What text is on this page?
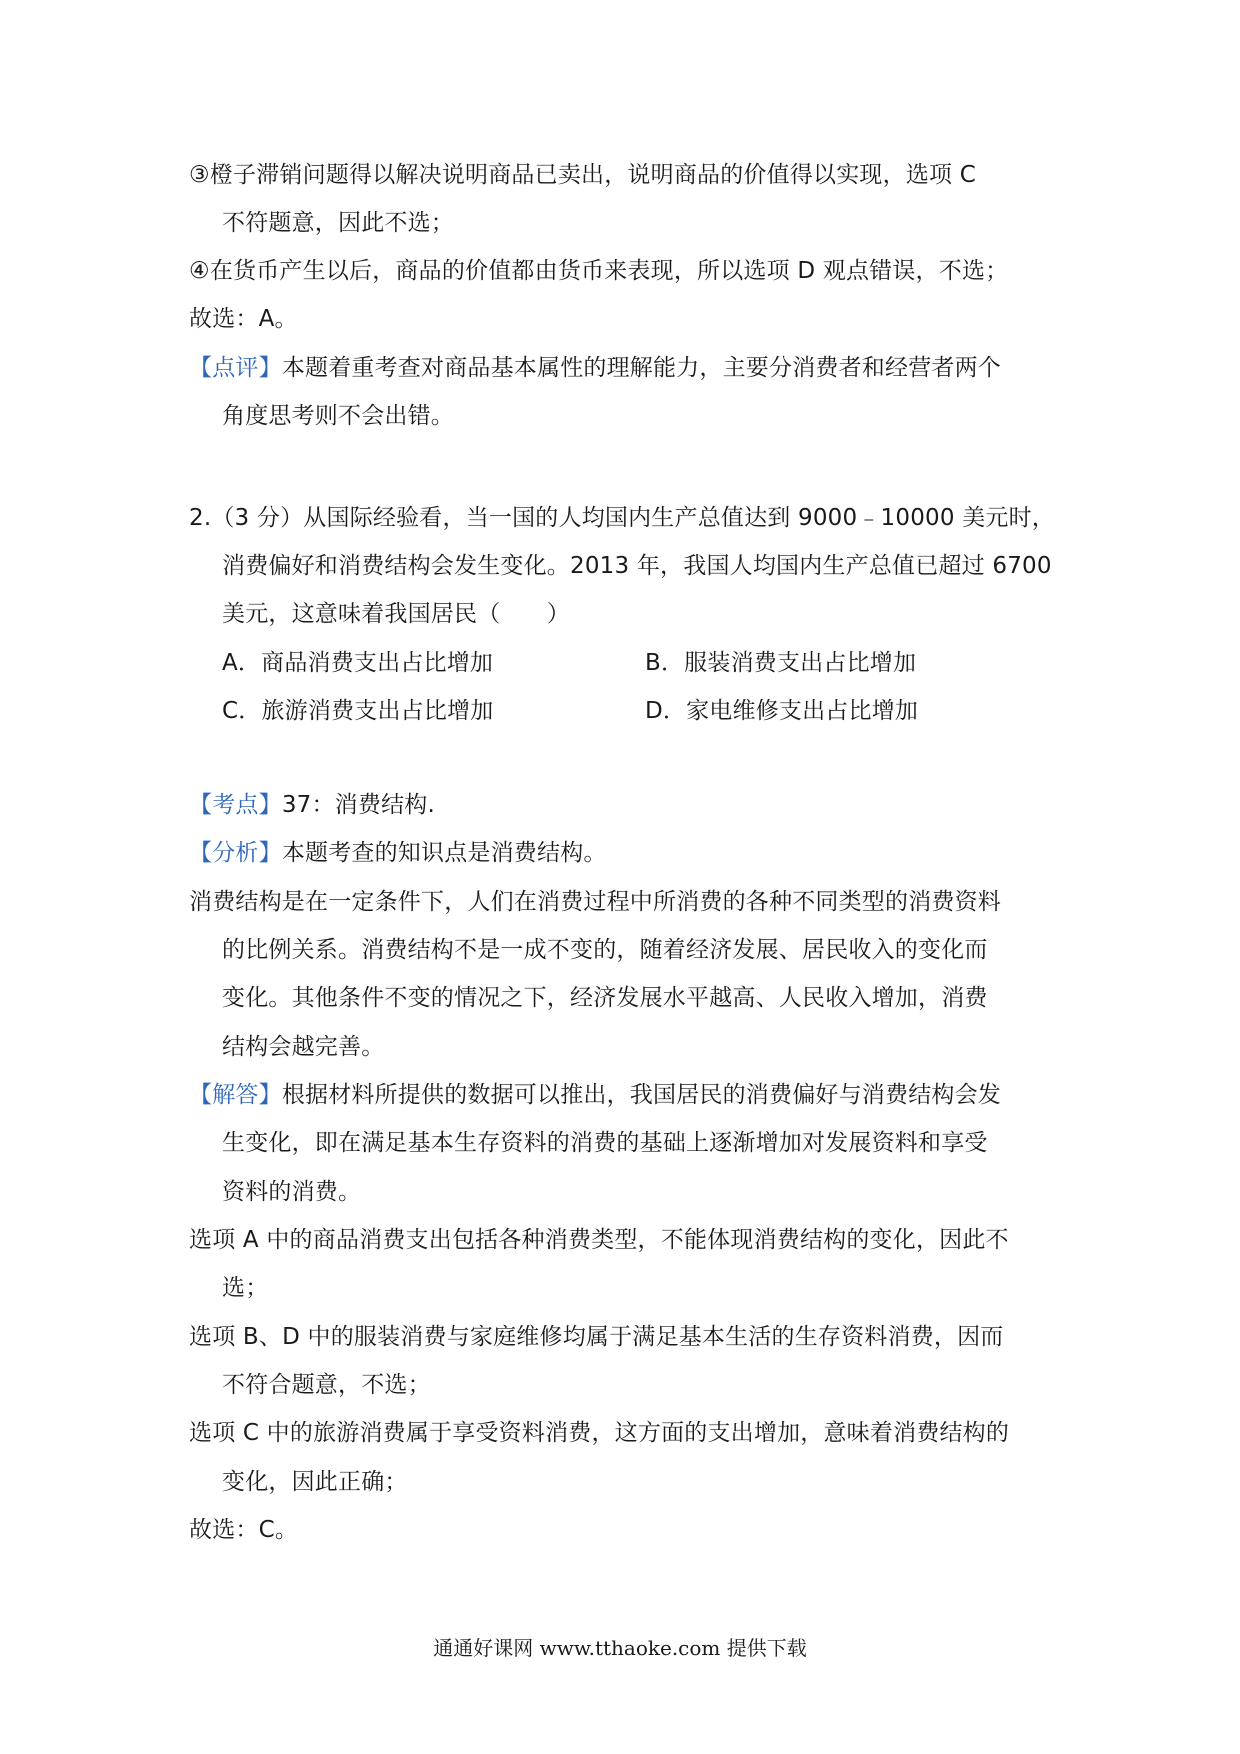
③橙子滞销问题得以解决说明商品已卖出，说明商品的价值得以实现，选项 C
不符题意，因此不选；
④在货币产生以后，商品的价值都由货币来表现，所以选项 D 观点错误，不选；
故选：A。
【点评】本题着重考查对商品基本属性的理解能力，主要分消费者和经营者两个
角度思考则不会出错。
2.（3 分）从国际经验看，当一国的人均国内生产总值达到 9000﹣10000 美元时，
消费偏好和消费结构会发生变化。2013 年，我国人均国内生产总值已超过 6700
美元，这意味着我国居民（　　）
A．商品消费支出占比增加	B．服装消费支出占比增加
C．旅游消费支出占比增加	D．家电维修支出占比增加
【考点】37：消费结构.
【分析】本题考查的知识点是消费结构。
消费结构是在一定条件下，人们在消费过程中所消费的各种不同类型的消费资料
的比例关系。消费结构不是一成不变的，随着经济发展、居民收入的变化而
变化。其他条件不变的情况之下，经济发展水平越高、人民收入增加，消费
结构会越完善。
【解答】根据材料所提供的数据可以推出，我国居民的消费偏好与消费结构会发
生变化，即在满足基本生存资料的消费的基础上逐渐增加对发展资料和享受
资料的消费。
选项 A 中的商品消费支出包括各种消费类型，不能体现消费结构的变化，因此不
选；
选项 B、D 中的服装消费与家庭维修均属于满足基本生活的生存资料消费，因而
不符合题意，不选；
选项 C 中的旅游消费属于享受资料消费，这方面的支出增加，意味着消费结构的
变化，因此正确；
故选：C。
通通好课网 www.tthaoke.com 提供下载
